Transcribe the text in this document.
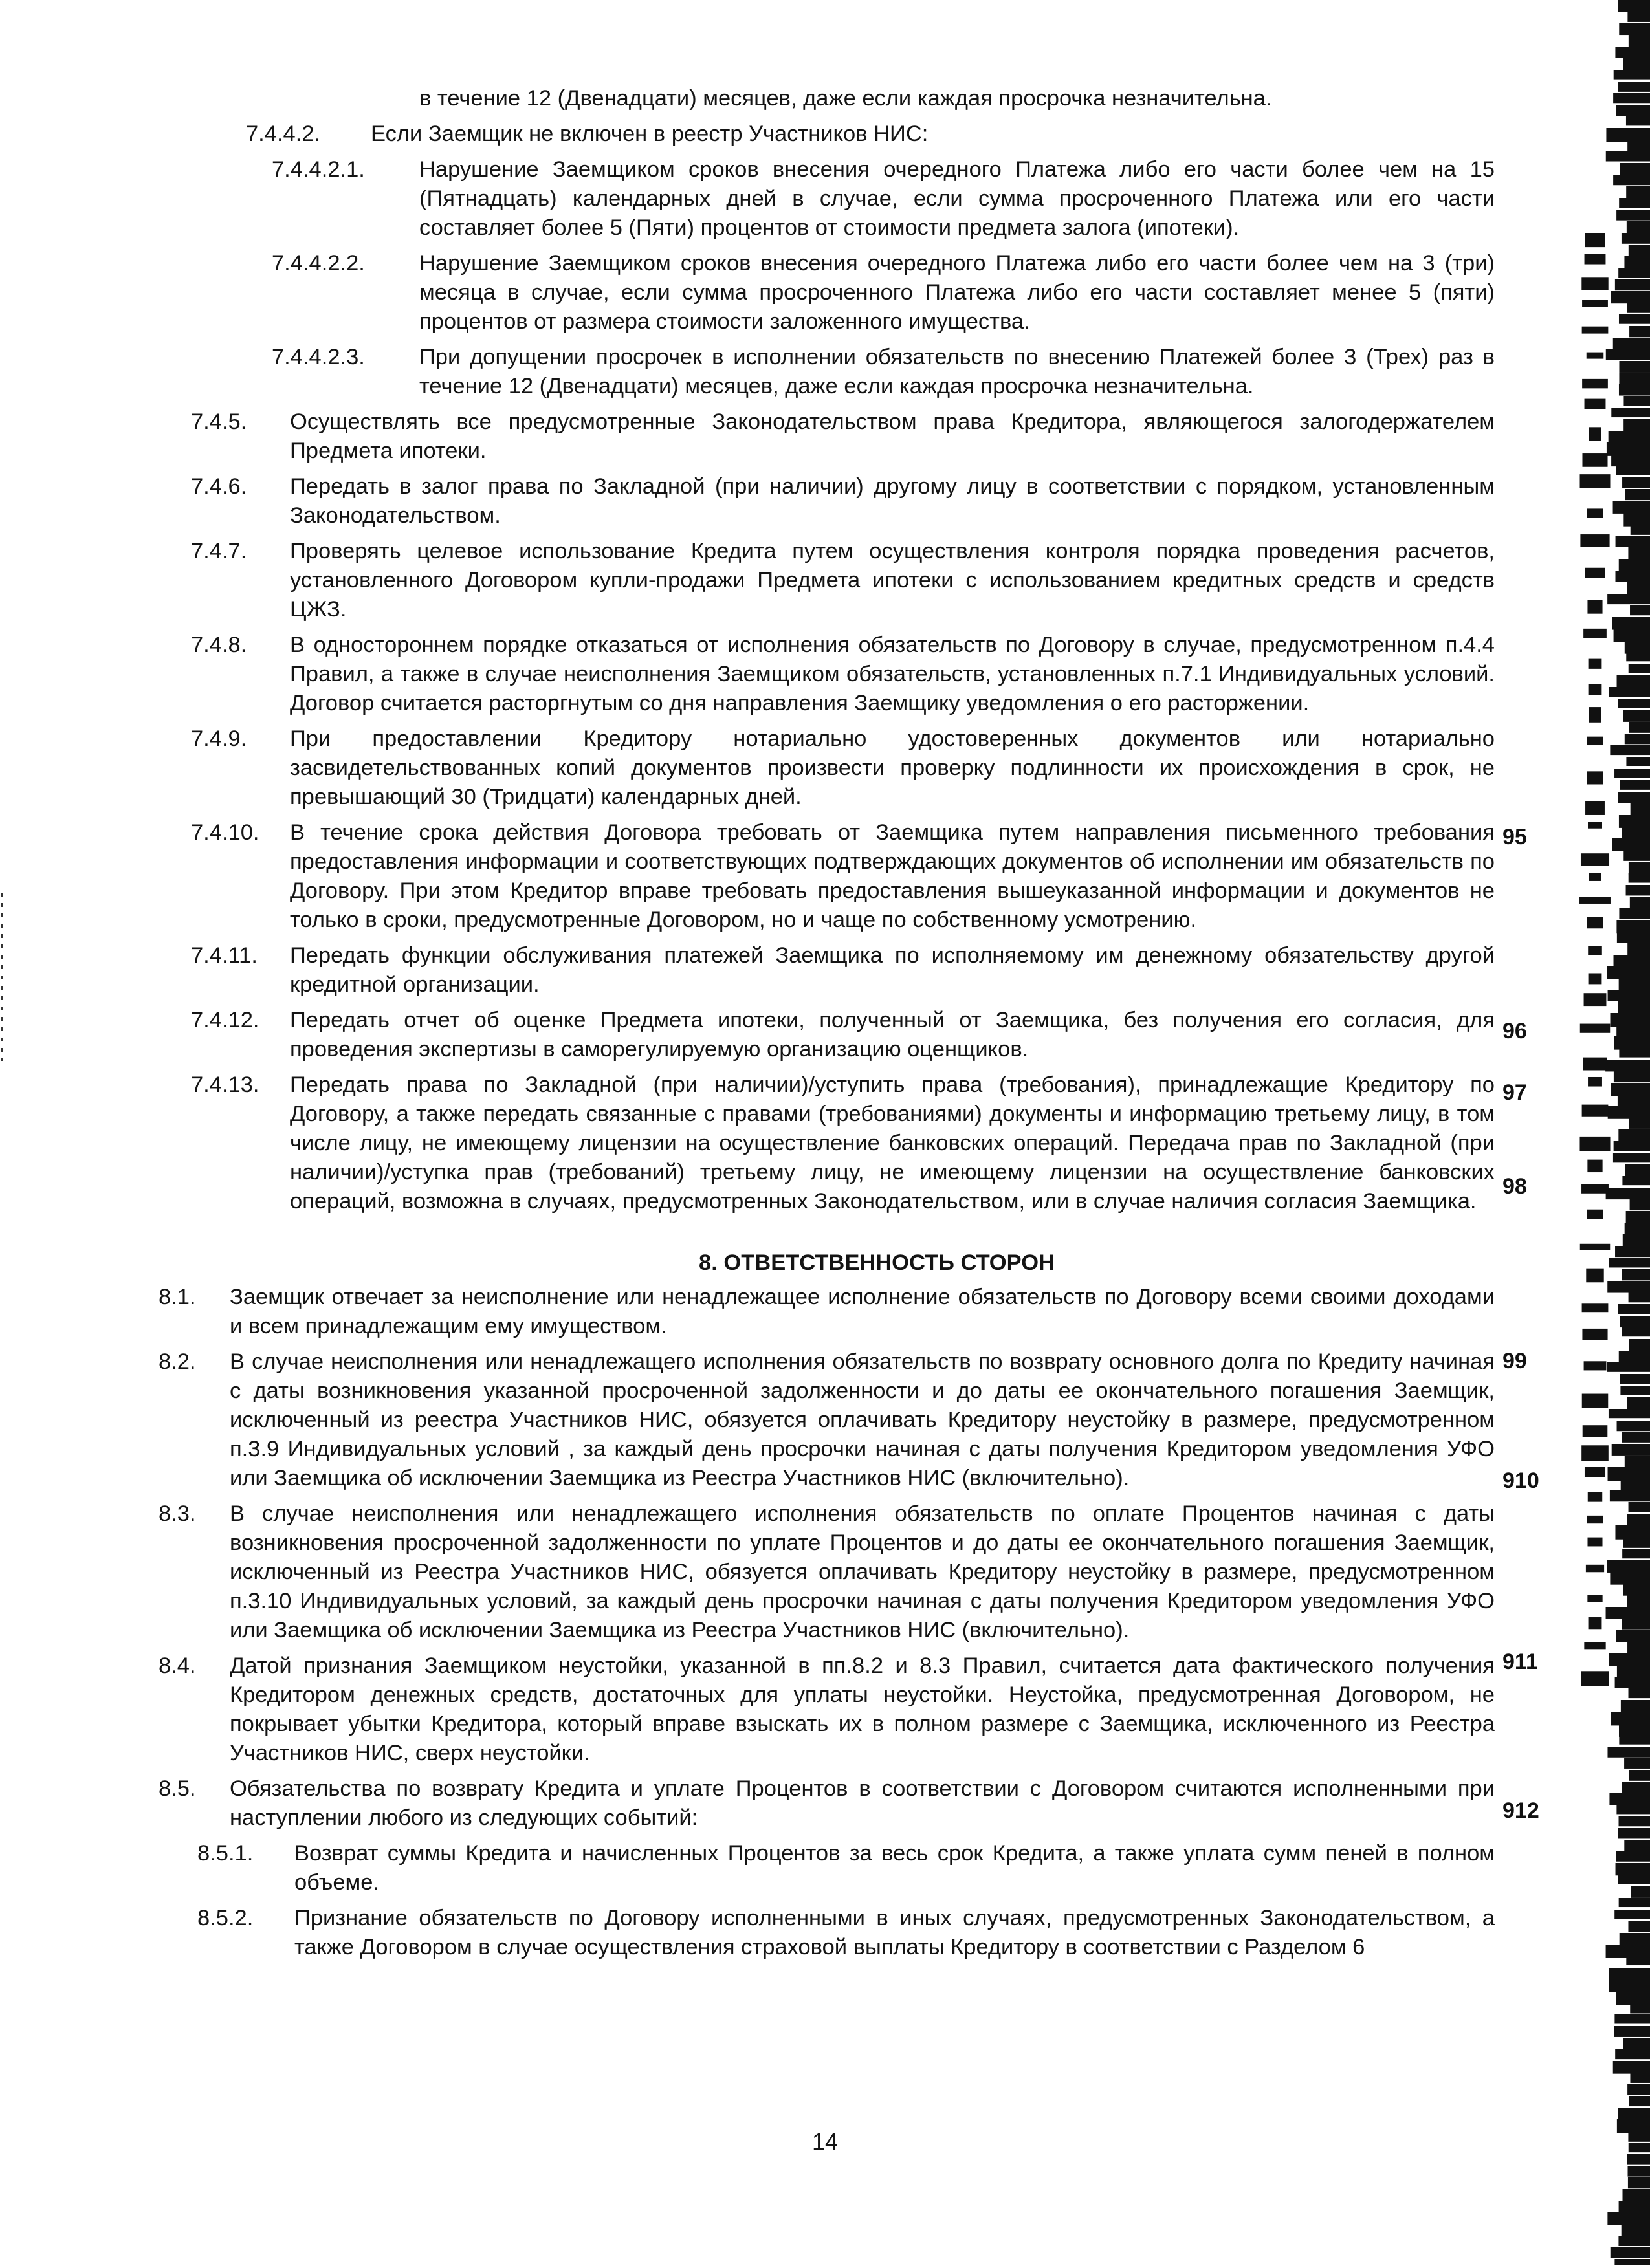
в течение 12 (Двенадцати) месяцев, даже если каждая просрочка незначительна.
7.4.4.2. Если Заемщик не включен в реестр Участников НИС:
7.4.4.2.1. Нарушение Заемщиком сроков внесения очередного Платежа либо его части более чем на 15 (Пятнадцать) календарных дней в случае, если сумма просроченного Платежа или его части составляет более 5 (Пяти) процентов от стоимости предмета залога (ипотеки).
7.4.4.2.2. Нарушение Заемщиком сроков внесения очередного Платежа либо его части более чем на 3 (три) месяца в случае, если сумма просроченного Платежа либо его части составляет менее 5 (пяти) процентов от размера стоимости заложенного имущества.
7.4.4.2.3. При допущении просрочек в исполнении обязательств по внесению Платежей более 3 (Трех) раз в течение 12 (Двенадцати) месяцев, даже если каждая просрочка незначительна.
7.4.5. Осуществлять все предусмотренные Законодательством права Кредитора, являющегося залогодержателем Предмета ипотеки.
7.4.6. Передать в залог права по Закладной (при наличии) другому лицу в соответствии с порядком, установленным Законодательством.
7.4.7. Проверять целевое использование Кредита путем осуществления контроля порядка проведения расчетов, установленного Договором купли-продажи Предмета ипотеки с использованием кредитных средств и средств ЦЖЗ.
7.4.8. В одностороннем порядке отказаться от исполнения обязательств по Договору в случае, предусмотренном п.4.4 Правил, а также в случае неисполнения Заемщиком обязательств, установленных п.7.1 Индивидуальных условий. Договор считается расторгнутым со дня направления Заемщику уведомления о его расторжении.
7.4.9. При предоставлении Кредитору нотариально удостоверенных документов или нотариально засвидетельствованных копий документов произвести проверку подлинности их происхождения в срок, не превышающий 30 (Тридцати) календарных дней.
7.4.10. В течение срока действия Договора требовать от Заемщика путем направления письменного требования предоставления информации и соответствующих подтверждающих документов об исполнении им обязательств по Договору. При этом Кредитор вправе требовать предоставления вышеуказанной информации и документов не только в сроки, предусмотренные Договором, но и чаще по собственному усмотрению.
7.4.11. Передать функции обслуживания платежей Заемщика по исполняемому им денежному обязательству другой кредитной организации.
7.4.12. Передать отчет об оценке Предмета ипотеки, полученный от Заемщика, без получения его согласия, для проведения экспертизы в саморегулируемую организацию оценщиков.
7.4.13. Передать права по Закладной (при наличии)/уступить права (требования), принадлежащие Кредитору по Договору, а также передать связанные с правами (требованиями) документы и информацию третьему лицу, в том числе лицу, не имеющему лицензии на осуществление банковских операций. Передача прав по Закладной (при наличии)/уступка прав (требований) третьему лицу, не имеющему лицензии на осуществление банковских операций, возможна в случаях, предусмотренных Законодательством, или в случае наличия согласия Заемщика.
8. ОТВЕТСТВЕННОСТЬ СТОРОН
8.1. Заемщик отвечает за неисполнение или ненадлежащее исполнение обязательств по Договору всеми своими доходами и всем принадлежащим ему имуществом.
8.2. В случае неисполнения или ненадлежащего исполнения обязательств по возврату основного долга по Кредиту начиная с даты возникновения указанной просроченной задолженности и до даты ее окончательного погашения Заемщик, исключенный из реестра Участников НИС, обязуется оплачивать Кредитору неустойку в размере, предусмотренном п.3.9 Индивидуальных условий , за каждый день просрочки начиная с даты получения Кредитором уведомления УФО или Заемщика об исключении Заемщика из Реестра Участников НИС (включительно).
8.3. В случае неисполнения или ненадлежащего исполнения обязательств по оплате Процентов начиная с даты возникновения просроченной задолженности по уплате Процентов и до даты ее окончательного погашения Заемщик, исключенный из Реестра Участников НИС, обязуется оплачивать Кредитору неустойку в размере, предусмотренном п.3.10 Индивидуальных условий, за каждый день просрочки начиная с даты получения Кредитором уведомления УФО или Заемщика об исключении Заемщика из Реестра Участников НИС (включительно).
8.4. Датой признания Заемщиком неустойки, указанной в пп.8.2 и 8.3 Правил, считается дата фактического получения Кредитором денежных средств, достаточных для уплаты неустойки. Неустойка, предусмотренная Договором, не покрывает убытки Кредитора, который вправе взыскать их в полном размере с Заемщика, исключенного из Реестра Участников НИС, сверх неустойки.
8.5. Обязательства по возврату Кредита и уплате Процентов в соответствии с Договором считаются исполненными при наступлении любого из следующих событий:
8.5.1. Возврат суммы Кредита и начисленных Процентов за весь срок Кредита, а также уплата сумм пеней в полном объеме.
8.5.2. Признание обязательств по Договору исполненными в иных случаях, предусмотренных Законодательством, а также Договором в случае осуществления страховой выплаты Кредитору в соответствии с Разделом 6
14
95
96
97
98
99
910
911
912
